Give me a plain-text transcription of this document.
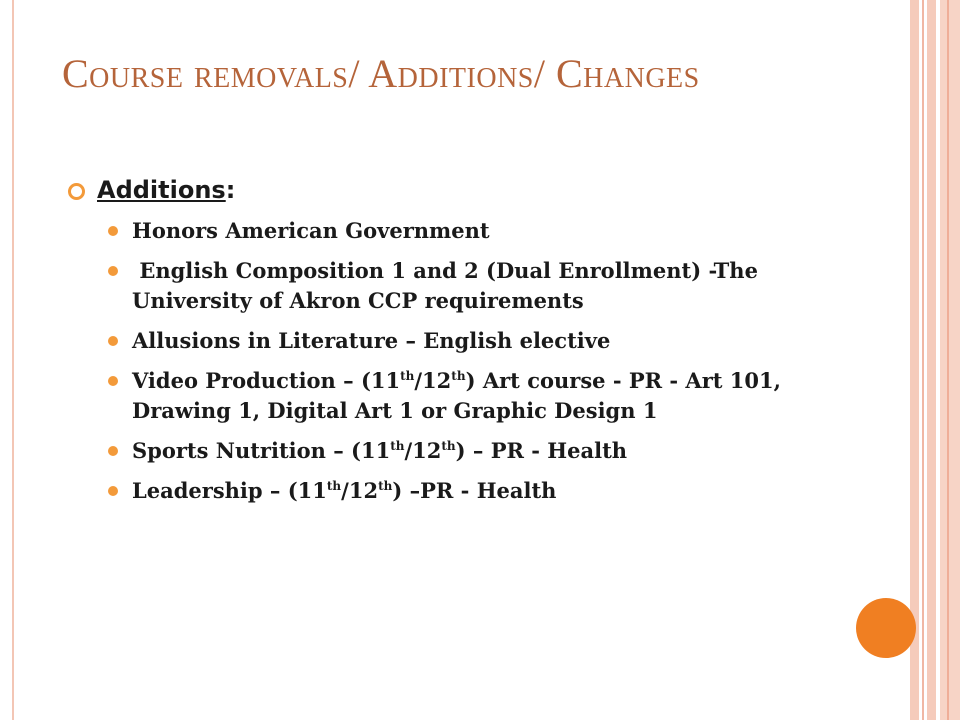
Course removals/ Additions/ Changes
Additions :
Honors American Government
English Composition 1 and 2 (Dual Enrollment) -The University of Akron CCP requirements
Allusions in Literature – English elective
Video Production – (11th/12th) Art course - PR - Art 101, Drawing 1, Digital Art 1 or Graphic Design 1
Sports Nutrition – (11th/12th) – PR - Health
Leadership – (11th/12th) –PR - Health
